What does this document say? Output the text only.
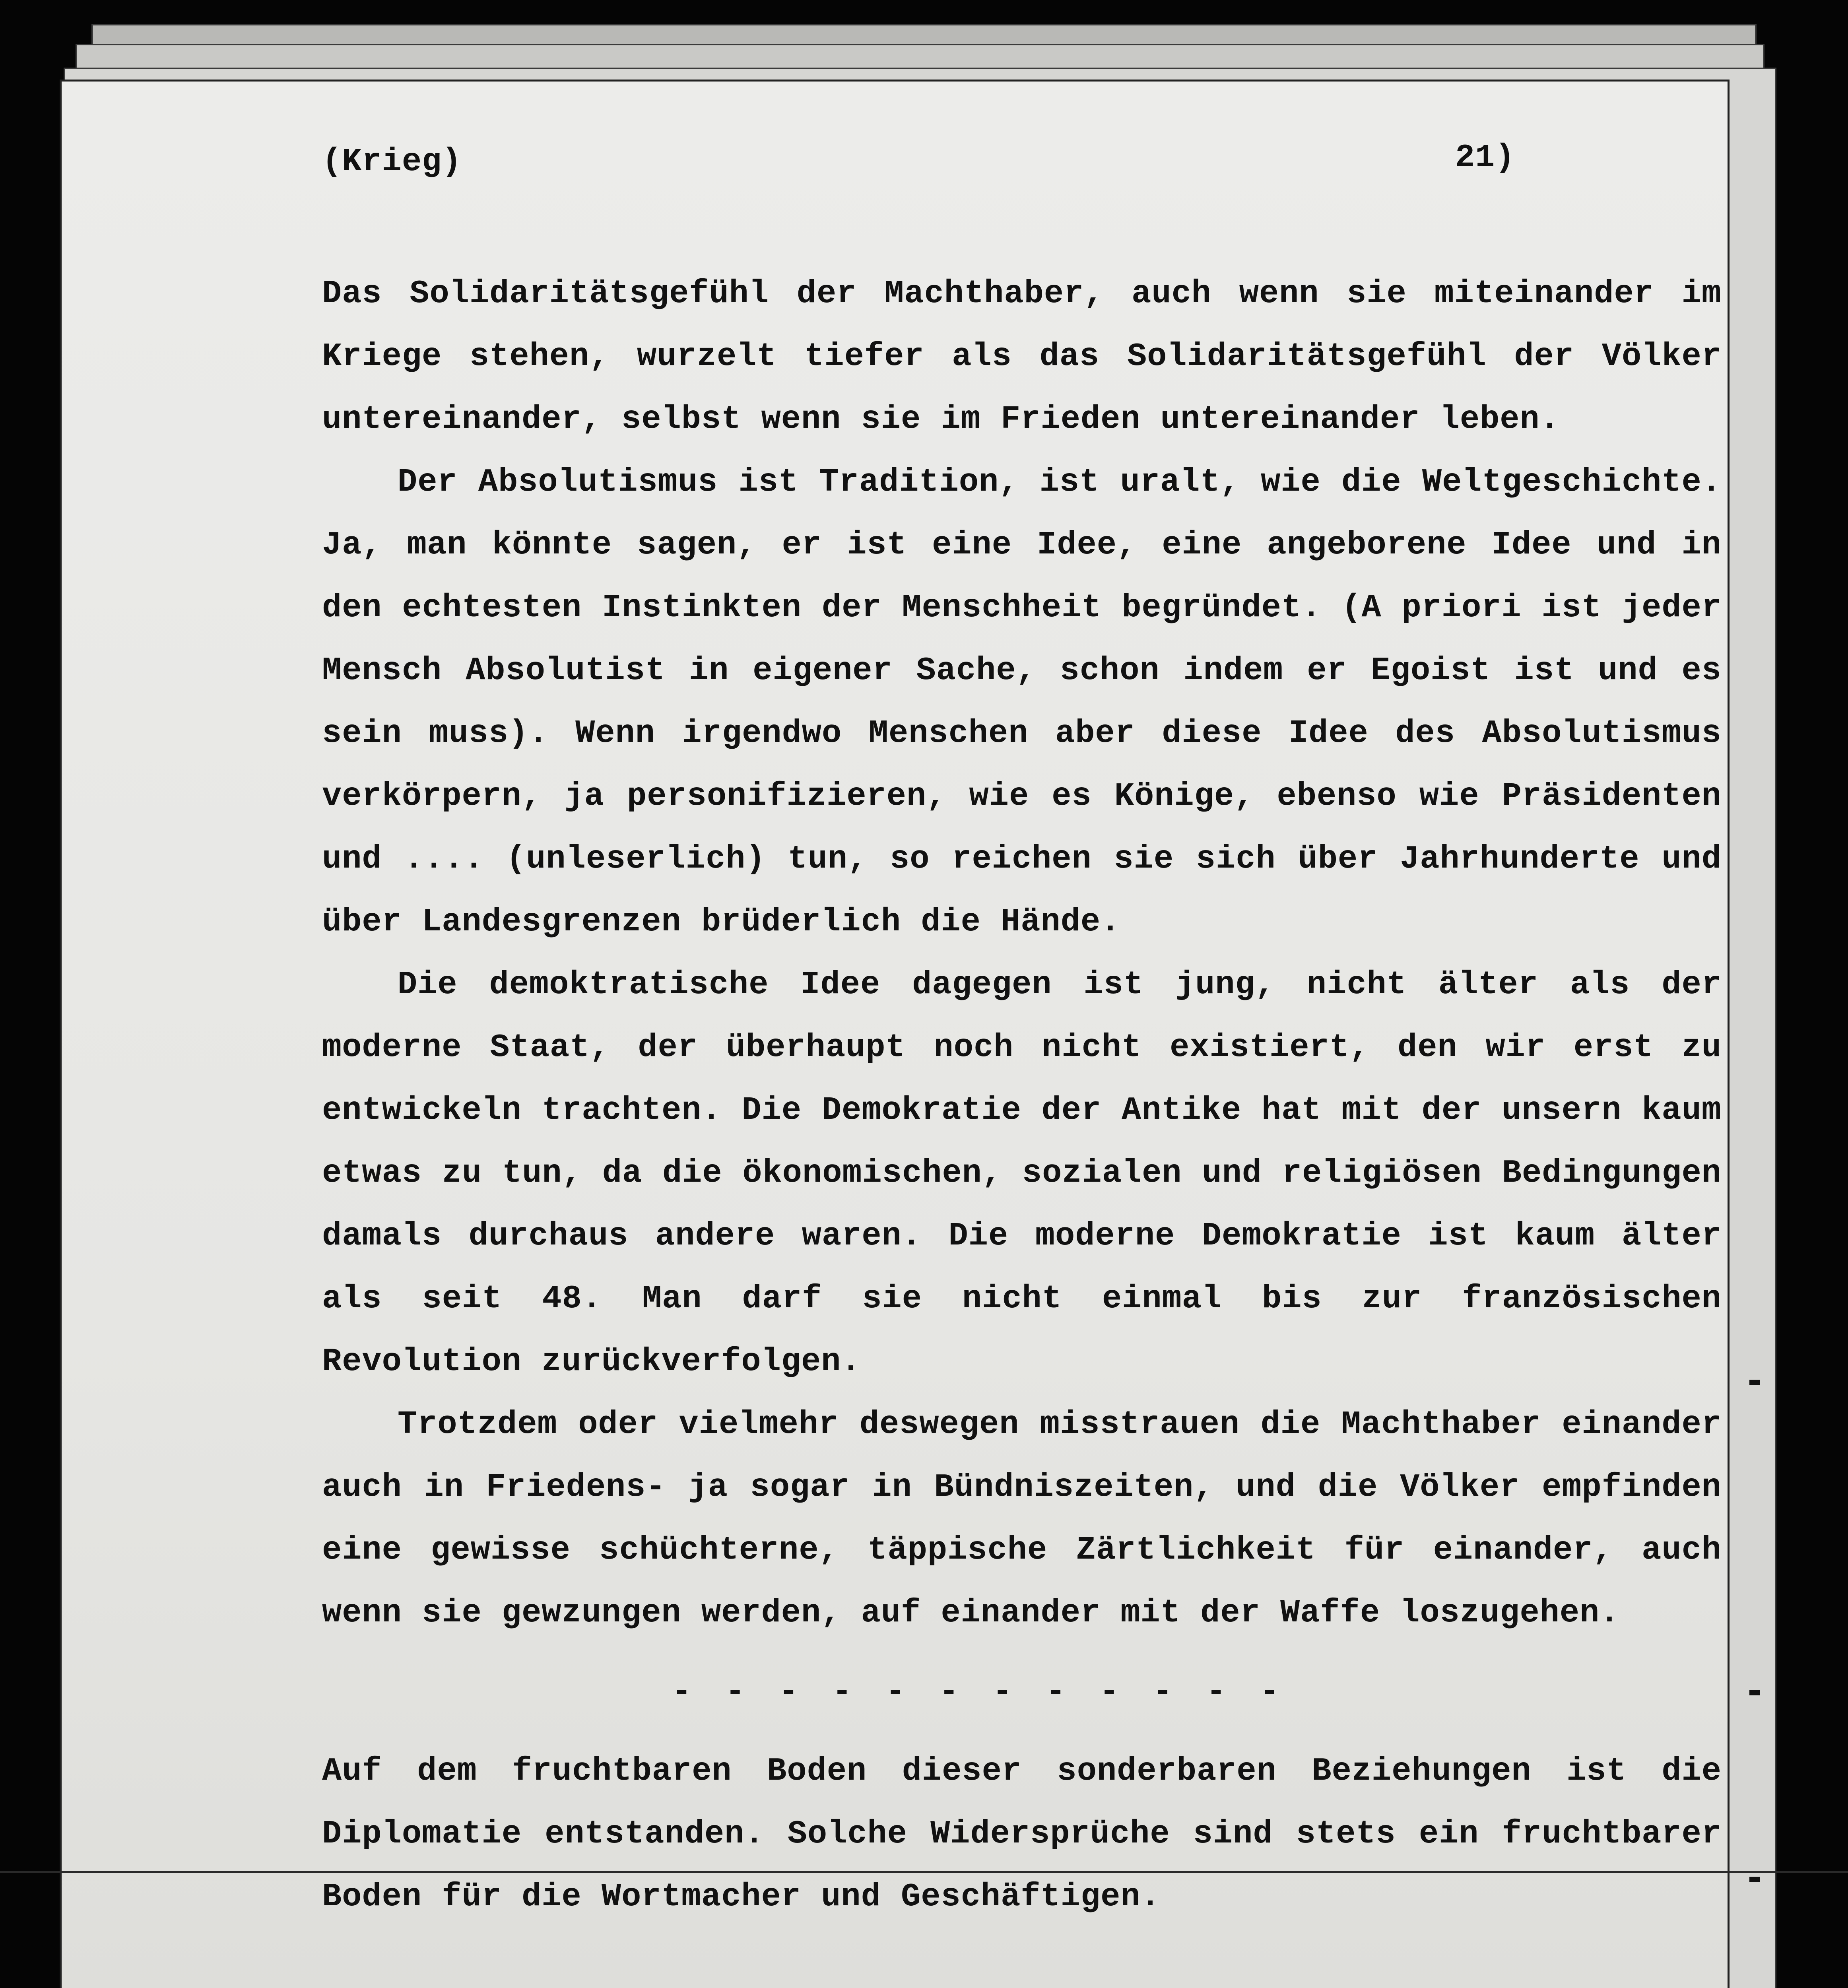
(Krieg)	21)

Das Solidaritätsgefühl der Machthaber, auch wenn sie miteinander im Kriege stehen, wurzelt tiefer als das Solidaritätsgefühl der Völker untereinander, selbst wenn sie im Frieden untereinander leben.

Der Absolutismus ist Tradition, ist uralt, wie die Weltgeschichte. Ja, man könnte sagen, er ist eine Idee, eine angeborene Idee und in den echtesten Instinkten der Menschheit begründet. (A priori ist jeder Mensch Absolutist in eigener Sache, schon indem er Egoist ist und es sein muss). Wenn irgendwo Menschen aber diese Idee des Absolutismus verkörpern, ja personifizieren, wie es Könige, ebenso wie Präsidenten und .... (unleserlich) tun, so reichen sie sich über Jahrhunderte und über Landesgrenzen brüderlich die Hände.

Die demoktratische Idee dagegen ist jung, nicht älter als der moderne Staat, der überhaupt noch nicht existiert, den wir erst zu entwickeln trachten. Die Demokratie der Antike hat mit der unsern kaum etwas zu tun, da die ökonomischen, sozialen und religiösen Bedingungen damals durchaus andere waren. Die moderne Demokratie ist kaum älter als seit 48. Man darf sie nicht einmal bis zur französischen Revolution zurückverfolgen.

Trotzdem oder vielmehr deswegen misstrauen die Machthaber einander auch in Friedens- ja sogar in Bündniszeiten, und die Völker empfinden eine gewisse schüchterne, täppische Zärtlichkeit für einander, auch wenn sie gewzungen werden, auf einander mit der Waffe loszugehen.

- - - - - - - - - - - -

Auf dem fruchtbaren Boden dieser sonderbaren Beziehungen ist die Diplomatie entstanden. Solche Widersprüche sind stets ein fruchtbarer Boden für die Wortmacher und Geschäftigen.
